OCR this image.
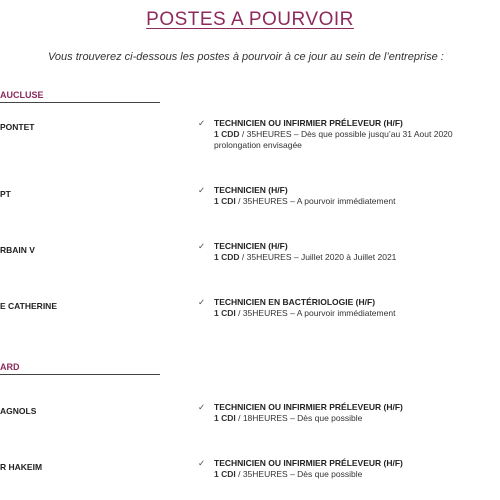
POSTES A POURVOIR
Vous trouverez ci-dessous les postes à pourvoir à ce jour au sein de l’entreprise :
AUCLUSE
PONTET	✓ TECHNICIEN OU INFIRMIER PRÉLEVEUR (H/F)
1 CDD / 35HEURES – Dès que possible jusqu’au 31 Aout 2020
prolongation envisagée
PT	✓ TECHNICIEN (H/F)
1 CDI / 35HEURES – A pourvoir immédiatement
RBAIN V	✓ TECHNICIEN (H/F)
1 CDD / 35HEURES – Juillet 2020 à Juillet 2021
E CATHERINE	✓ TECHNICIEN EN BACTÉRIOLOGIE (H/F)
1 CDI / 35HEURES – A pourvoir immédiatement
ARD
AGNOLS	✓ TECHNICIEN OU INFIRMIER PRÉLEVEUR (H/F)
1 CDI / 18HEURES – Dès que possible
R HAKEIM	✓ TECHNICIEN OU INFIRMIER PRÉLEVEUR (H/F)
1 CDI / 35HEURES – Dès que possible
